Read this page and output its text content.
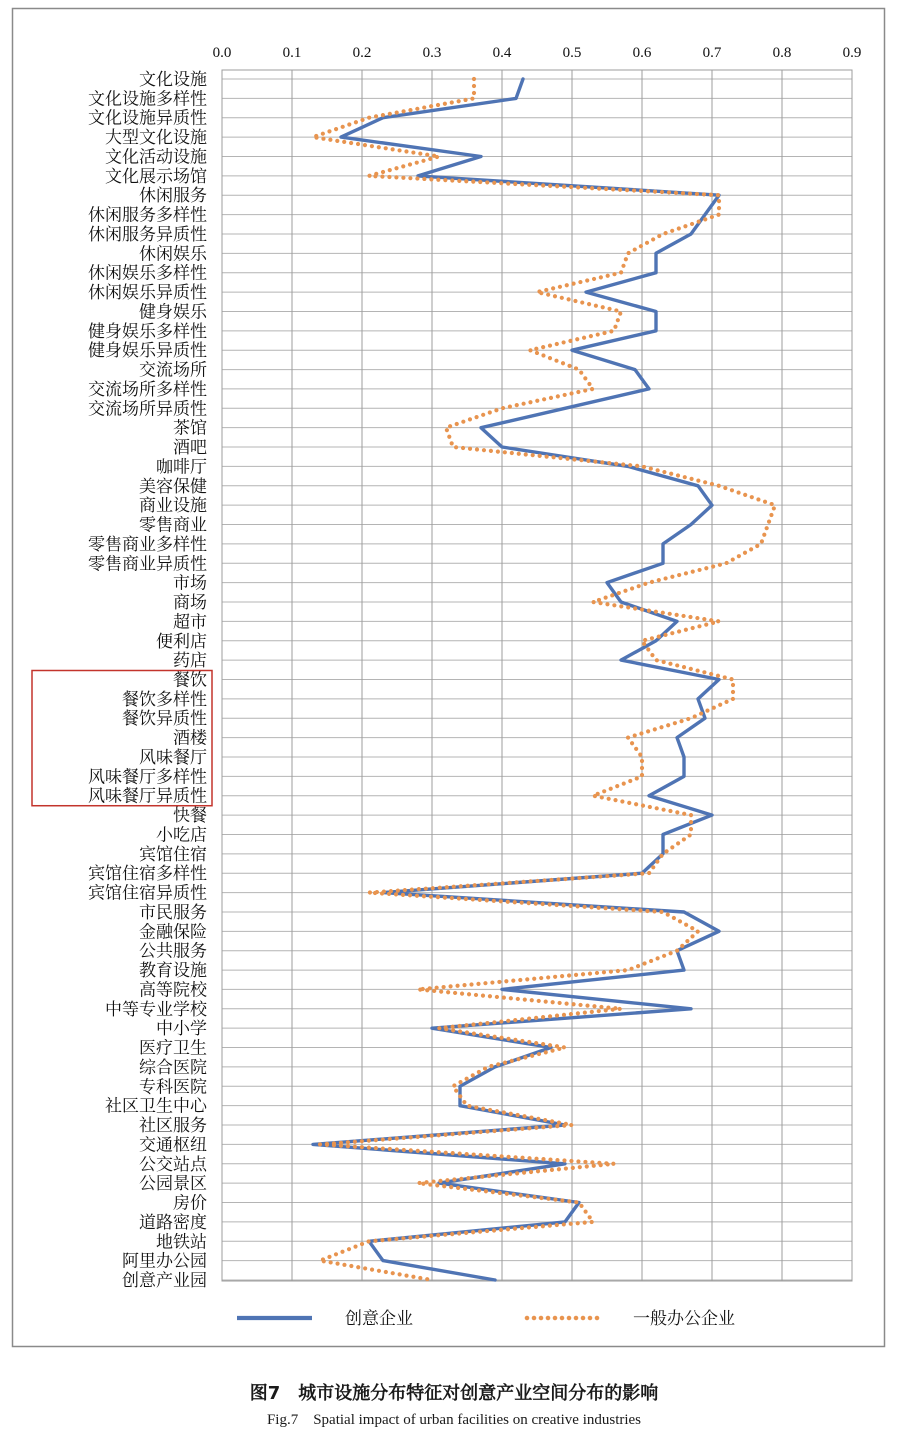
0.0	0.1	0.2	0.3	0.4	0.5	0.6	0.7	0.8	0.9
文化设施
文化设施多样性
文化设施异质性
大型文化设施
文化活动设施
文化展示场馆
休闲服务
休闲服务多样性
休闲服务异质性
休闲娱乐
休闲娱乐多样性
休闲娱乐异质性
健身娱乐
健身娱乐多样性
健身娱乐异质性
交流场所
交流场所多样性
交流场所异质性
茶馆
酒吧
咖啡厅
美容保健
商业设施
零售商业
零售商业多样性
零售商业异质性
市场
商场
超市
便利店
药店
餐饮
餐饮多样性
餐饮异质性
酒楼
风味餐厅
风味餐厅多样性
风味餐厅异质性
快餐
小吃店
宾馆住宿
宾馆住宿多样性
宾馆住宿异质性
市民服务
金融保险
公共服务
教育设施
高等院校
中等专业学校
中小学
医疗卫生
综合医院
专科医院
社区卫生中心
社区服务
交通枢纽
公交站点
公园景区
房价
道路密度
地铁站
阿里办公园
创意产业园
创意企业	一般办公企业
图7　城市设施分布特征对创意产业空间分布的影响
Fig.7　Spatial impact of urban facilities on creative industries
